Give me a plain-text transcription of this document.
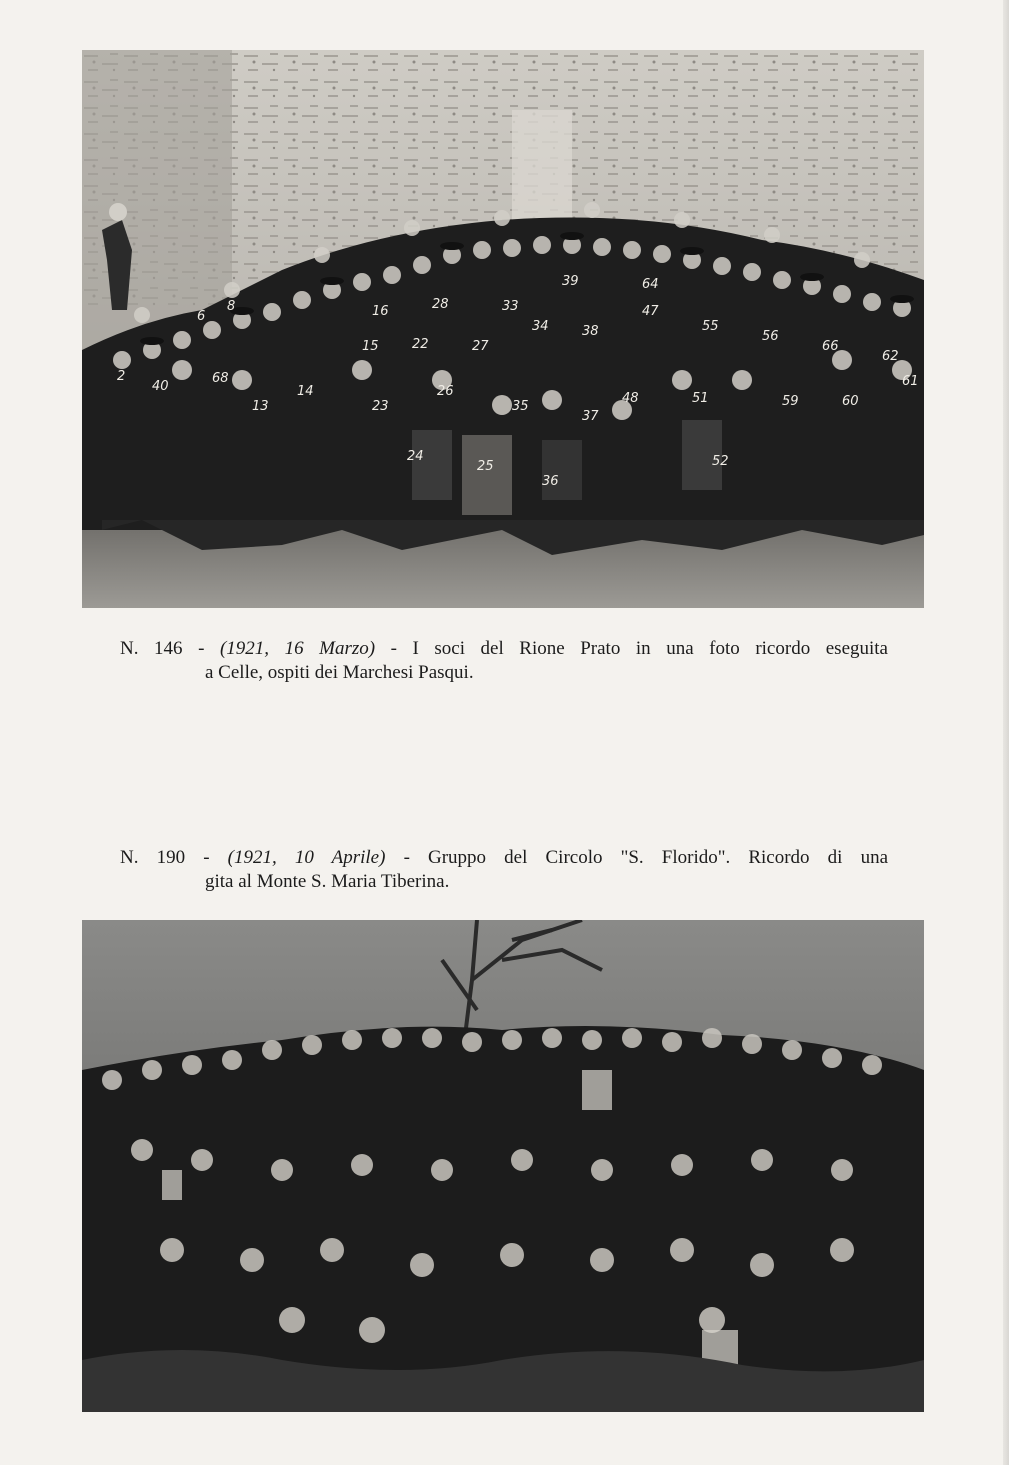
2
40
68
13
14
23
26
35
37
48	51	59	60
61
24
25
36
52
15	22	27
34	38
47
55
56
66
62
16	28	33
39	64
8
6
N. 146 - (1921, 16 Marzo) - I soci del Rione Prato in una foto ricordo eseguita
a Celle, ospiti dei Marchesi Pasqui.
N. 190 - (1921, 10 Aprile) - Gruppo del Circolo "S. Florido". Ricordo di una
gita al Monte S. Maria Tiberina.
